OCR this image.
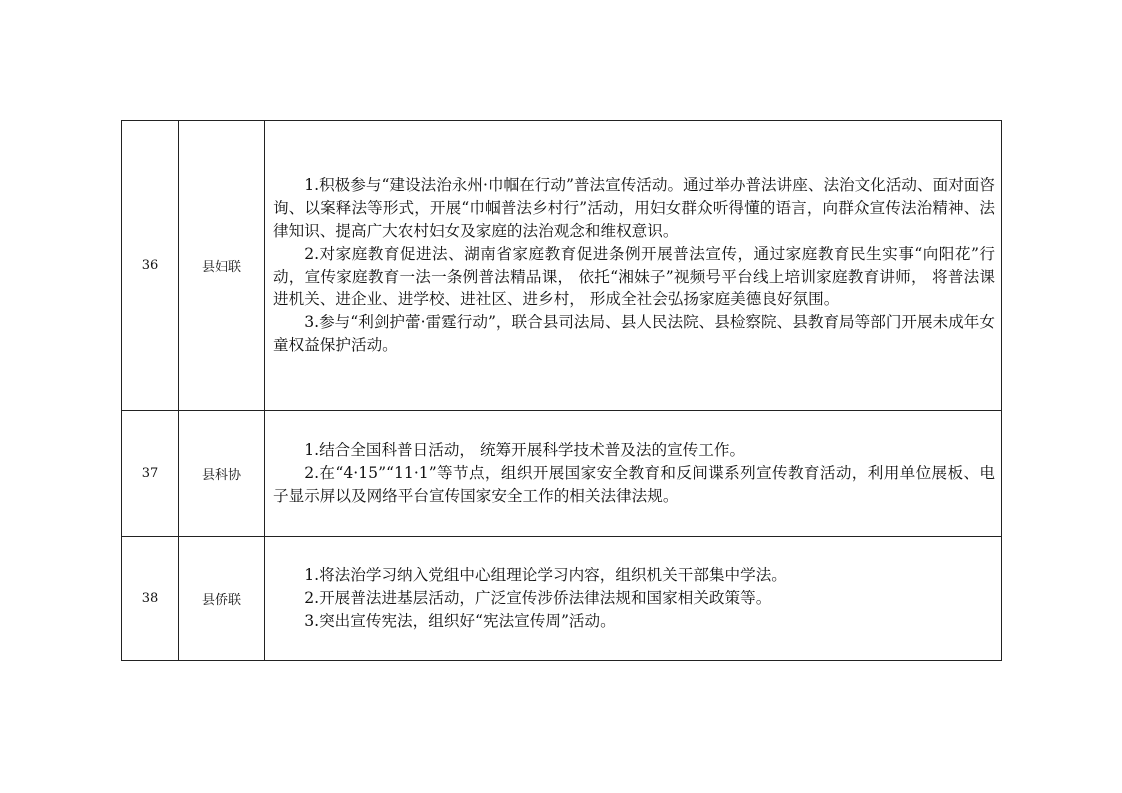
36	县妇联	1.积极参与“建设法治永州·巾帼在行动”普法宣传活动。通过举办普法讲座、法治文化活动、面对面咨询、以案释法等形式，开展“巾帼普法乡村行”活动，用妇女群众听得懂的语言，向群众宣传法治精神、法律知识、提高广大农村妇女及家庭的法治观念和维权意识。

2.对家庭教育促进法、湖南省家庭教育促进条例开展普法宣传，通过家庭教育民生实事“向阳花”行动，宣传家庭教育一法一条例普法精品课， 依托“湘妹子”视频号平台线上培训家庭教育讲师， 将普法课进机关、进企业、进学校、进社区、进乡村， 形成全社会弘扬家庭美德良好氛围。

3.参与“利剑护蕾·雷霆行动”，联合县司法局、县人民法院、县检察院、县教育局等部门开展未成年女童权益保护活动。

37	县科协	1.结合全国科普日活动， 统筹开展科学技术普及法的宣传工作。

2.在“4·15”“11·1”等节点，组织开展国家安全教育和反间谍系列宣传教育活动，利用单位展板、电子显示屏以及网络平台宣传国家安全工作的相关法律法规。

38	县侨联	1.将法治学习纳入党组中心组理论学习内容，组织机关干部集中学法。

2.开展普法进基层活动，广泛宣传涉侨法律法规和国家相关政策等。

3.突出宣传宪法，组织好“宪法宣传周”活动。
